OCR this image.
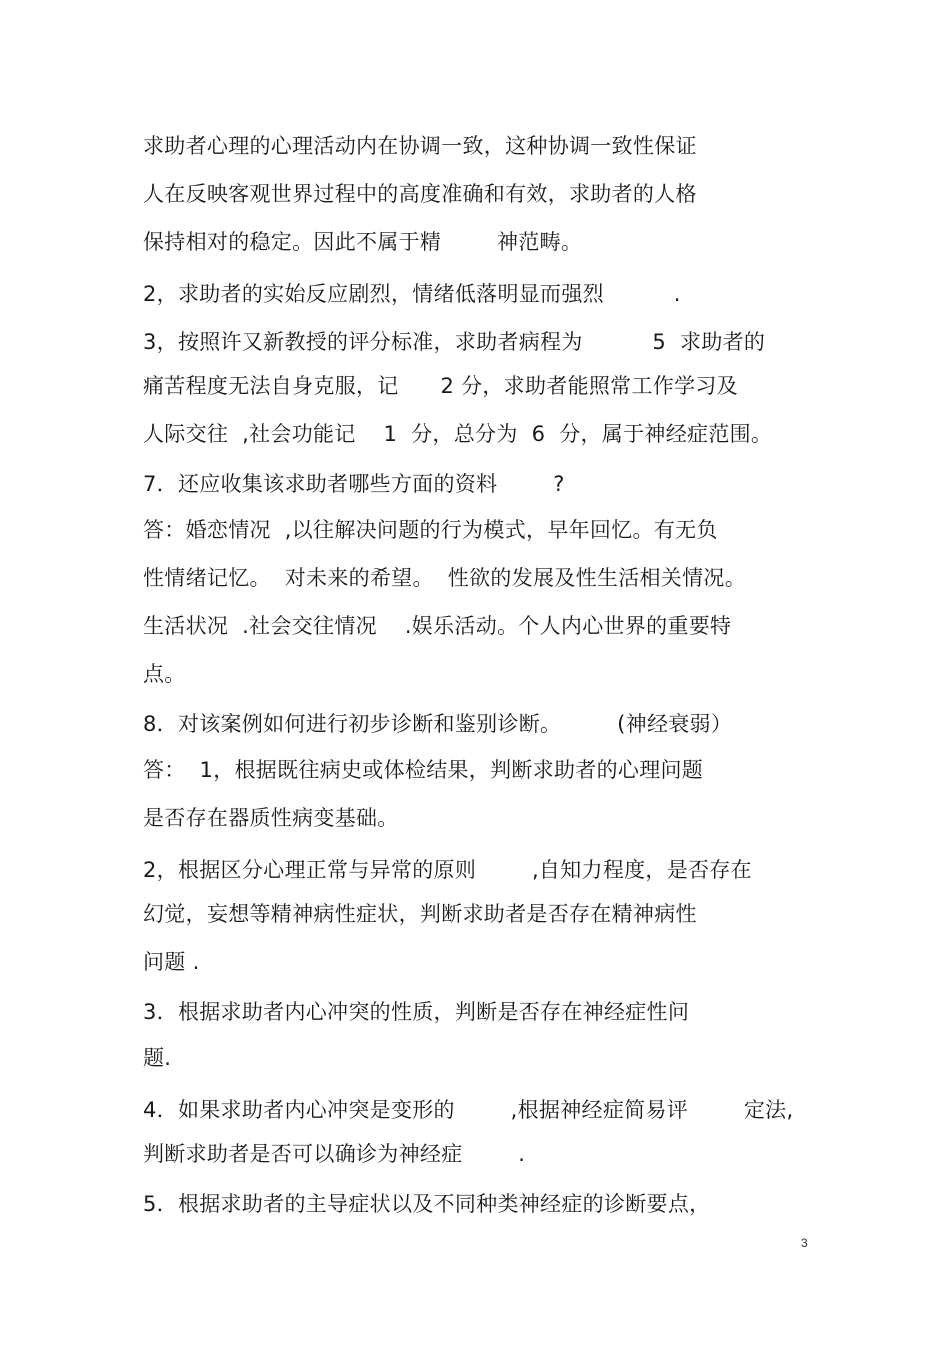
求助者心理的心理活动内在协调一致，这种协调一致性保证
人在反映客观世界过程中的高度准确和有效，求助者的人格
保持相对的稳定。因此不属于精        神范畴。
2，求助者的实始反应剧烈，情绪低落明显而强烈          .
3，按照许又新教授的评分标准，求助者病程为          5  求助者的
痛苦程度无法自身克服，记      2 分，求助者能照常工作学习及
人际交往  ,社会功能记    1  分，总分为  6  分，属于神经症范围。
7．还应收集该求助者哪些方面的资料        ?
答：婚恋情况  ,以往解决问题的行为模式，早年回忆。有无负
性情绪记忆。  对未来的希望。  性欲的发展及性生活相关情况。
生活状况  .社会交往情况    .娱乐活动。个人内心世界的重要特
点。
8．对该案例如何进行初步诊断和鉴别诊断。        (神经衰弱）
答：  1，根据既往病史或体检结果，判断求助者的心理问题
是否存在器质性病变基础。
2，根据区分心理正常与异常的原则        ,自知力程度，是否存在
幻觉，妄想等精神病性症状，判断求助者是否存在精神病性
问题 .
3．根据求助者内心冲突的性质，判断是否存在神经症性问
题.
4．如果求助者内心冲突是变形的        ,根据神经症简易评        定法,
判断求助者是否可以确诊为神经症        .
5．根据求助者的主导症状以及不同种类神经症的诊断要点，
3
